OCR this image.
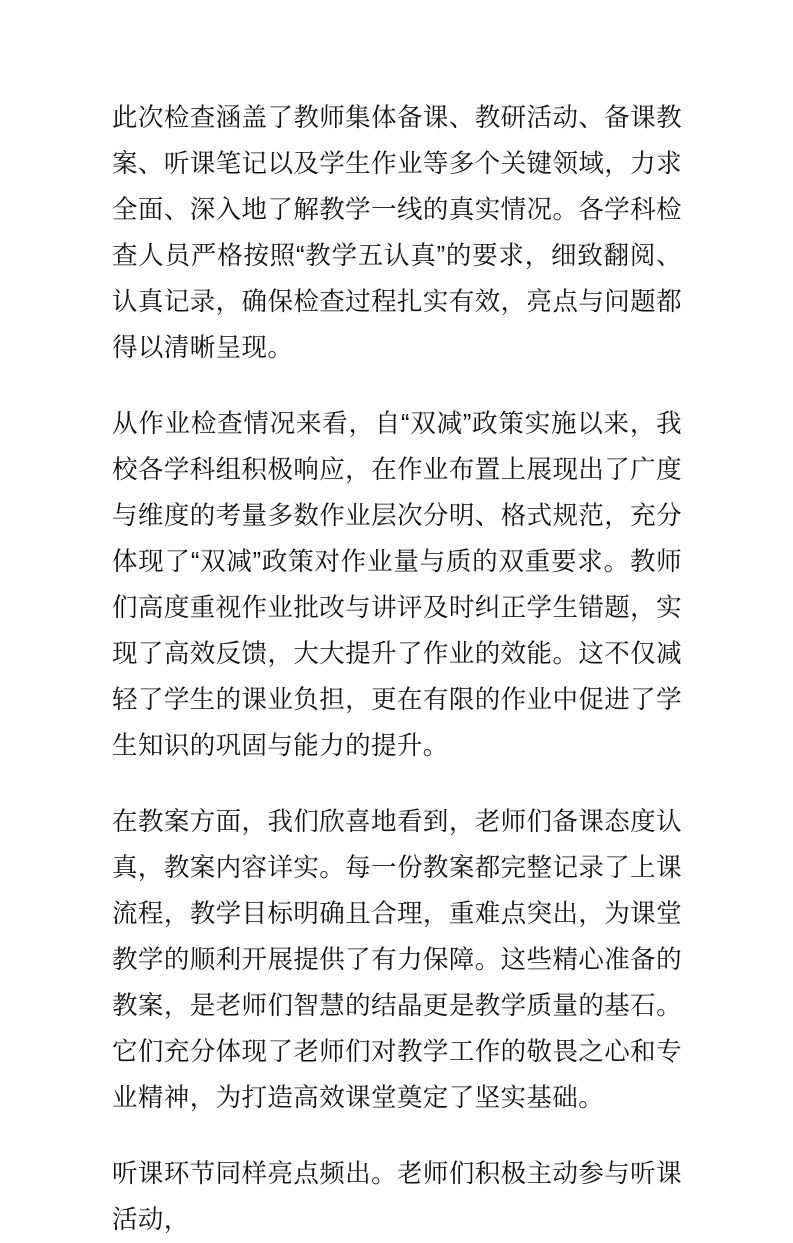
此次检查涵盖了教师集体备课、教研活动、备课教案、听课笔记以及学生作业等多个关键领域，力求全面、深入地了解教学一线的真实情况。各学科检查人员严格按照“教学五认真”的要求，细致翻阅、认真记录，确保检查过程扎实有效，亮点与问题都得以清晰呈现。

从作业检查情况来看，自“双减”政策实施以来，我校各学科组积极响应，在作业布置上展现出了广度与维度的考量多数作业层次分明、格式规范，充分体现了“双减”政策对作业量与质的双重要求。教师们高度重视作业批改与讲评及时纠正学生错题，实现了高效反馈，大大提升了作业的效能。这不仅减轻了学生的课业负担，更在有限的作业中促进了学生知识的巩固与能力的提升。

在教案方面，我们欣喜地看到，老师们备课态度认真，教案内容详实。每一份教案都完整记录了上课流程，教学目标明确且合理，重难点突出，为课堂教学的顺利开展提供了有力保障。这些精心准备的教案，是老师们智慧的结晶更是教学质量的基石。它们充分体现了老师们对教学工作的敬畏之心和专业精神，为打造高效课堂奠定了坚实基础。

听课环节同样亮点频出。老师们积极主动参与听课活动，
